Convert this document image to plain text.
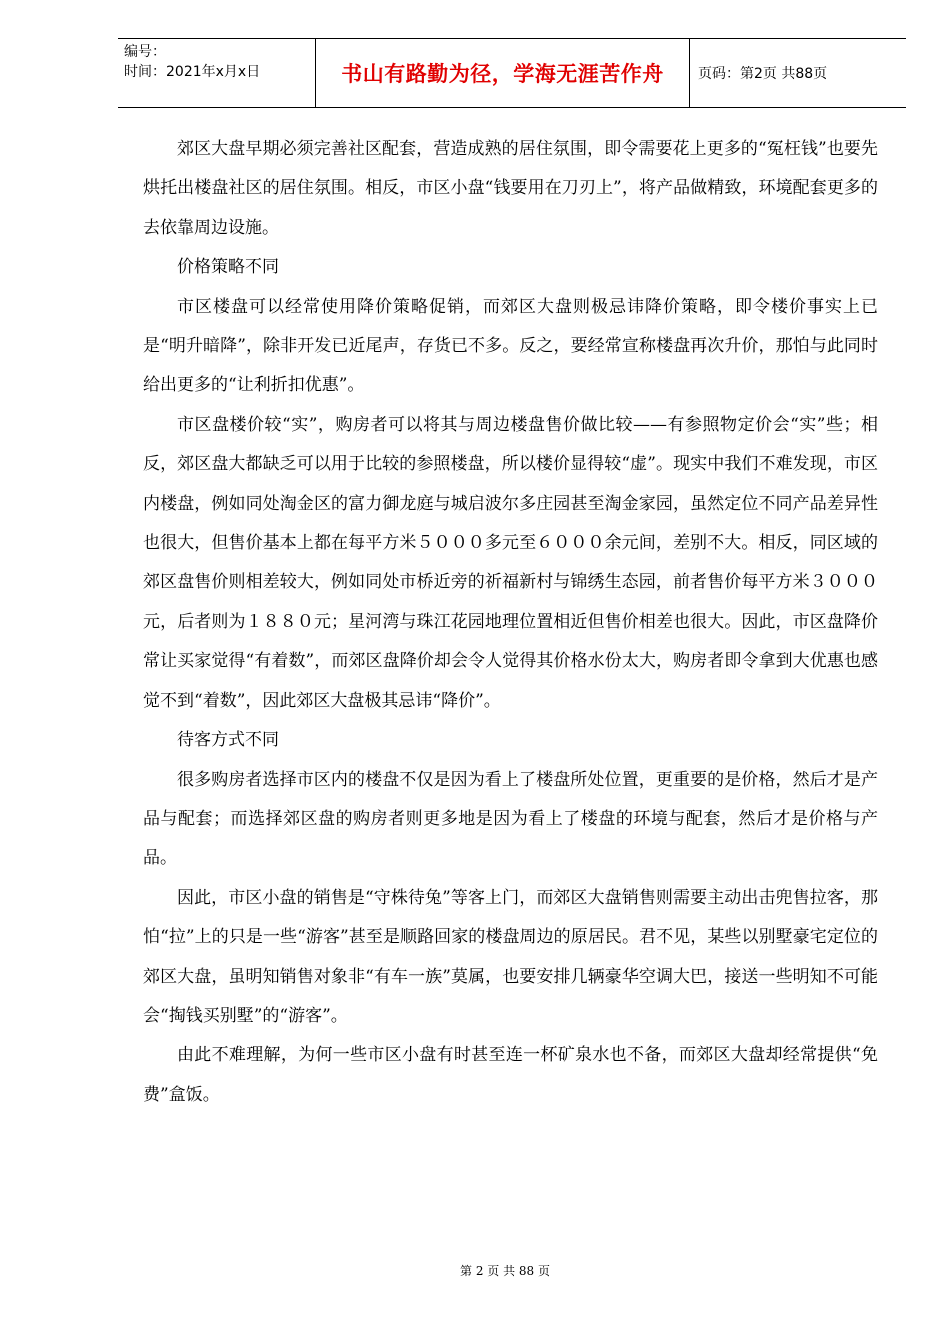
编号：
时间：2021年x月x日	书山有路勤为径，学海无涯苦作舟	页码：第2页 共88页

郊区大盘早期必须完善社区配套，营造成熟的居住氛围，即令需要花上更多的“冤枉钱”也要先烘托出楼盘社区的居住氛围。相反，市区小盘“钱要用在刀刃上”，将产品做精致，环境配套更多的去依靠周边设施。

价格策略不同

市区楼盘可以经常使用降价策略促销，而郊区大盘则极忌讳降价策略，即令楼价事实上已是“明升暗降”，除非开发已近尾声，存货已不多。反之，要经常宣称楼盘再次升价，那怕与此同时给出更多的“让利折扣优惠”。

市区盘楼价较“实”，购房者可以将其与周边楼盘售价做比较——有参照物定价会“实”些；相反，郊区盘大都缺乏可以用于比较的参照楼盘，所以楼价显得较“虚”。现实中我们不难发现，市区内楼盘，例如同处淘金区的富力御龙庭与城启波尔多庄园甚至淘金家园，虽然定位不同产品差异性也很大，但售价基本上都在每平方米５０００多元至６０００余元间，差别不大。相反，同区域的郊区盘售价则相差较大，例如同处市桥近旁的祈福新村与锦绣生态园，前者售价每平方米３０００元，后者则为１８８０元；星河湾与珠江花园地理位置相近但售价相差也很大。因此，市区盘降价常让买家觉得“有着数”，而郊区盘降价却会令人觉得其价格水份太大，购房者即令拿到大优惠也感觉不到“着数”，因此郊区大盘极其忌讳“降价”。

待客方式不同

很多购房者选择市区内的楼盘不仅是因为看上了楼盘所处位置，更重要的是价格，然后才是产品与配套；而选择郊区盘的购房者则更多地是因为看上了楼盘的环境与配套，然后才是价格与产品。

因此，市区小盘的销售是“守株待兔”等客上门，而郊区大盘销售则需要主动出击兜售拉客，那怕“拉”上的只是一些“游客”甚至是顺路回家的楼盘周边的原居民。君不见，某些以别墅豪宅定位的郊区大盘，虽明知销售对象非“有车一族”莫属，也要安排几辆豪华空调大巴，接送一些明知不可能会“掏钱买别墅”的“游客”。

由此不难理解，为何一些市区小盘有时甚至连一杯矿泉水也不备，而郊区大盘却经常提供“免费”盒饭。

第 2 页 共 88 页
